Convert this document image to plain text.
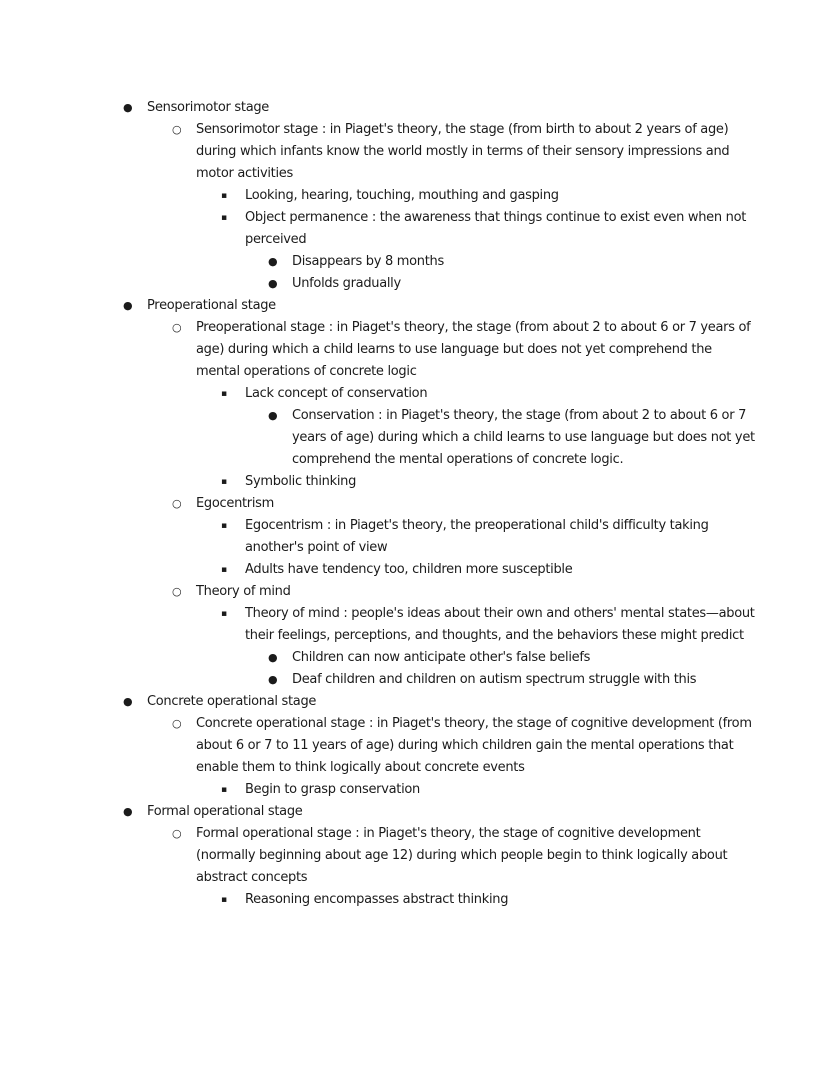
●	Sensorimotor stage
○	Sensorimotor stage : in Piaget's theory, the stage (from birth to about 2 years of age) during which infants know the world mostly in terms of their sensory impressions and motor activities
▪	Looking, hearing, touching, mouthing and gasping
▪	Object permanence : the awareness that things continue to exist even when not perceived
●	Disappears by 8 months
●	Unfolds gradually
●	Preoperational stage
○	Preoperational stage : in Piaget's theory, the stage (from about 2 to about 6 or 7 years of age) during which a child learns to use language but does not yet comprehend the mental operations of concrete logic
▪	Lack concept of conservation
●	Conservation : in Piaget's theory, the stage (from about 2 to about 6 or 7 years of age) during which a child learns to use language but does not yet comprehend the mental operations of concrete logic.
▪	Symbolic thinking
○	Egocentrism
▪	Egocentrism : in Piaget's theory, the preoperational child's difficulty taking another's point of view
▪	Adults have tendency too, children more susceptible
○	Theory of mind
▪	Theory of mind : people's ideas about their own and others' mental states—about their feelings, perceptions, and thoughts, and the behaviors these might predict
●	Children can now anticipate other's false beliefs
●	Deaf children and children on autism spectrum struggle with this
●	Concrete operational stage
○	Concrete operational stage : in Piaget's theory, the stage of cognitive development (from about 6 or 7 to 11 years of age) during which children gain the mental operations that enable them to think logically about concrete events
▪	Begin to grasp conservation
●	Formal operational stage
○	Formal operational stage : in Piaget's theory, the stage of cognitive development (normally beginning about age 12) during which people begin to think logically about abstract concepts
▪	Reasoning encompasses abstract thinking
